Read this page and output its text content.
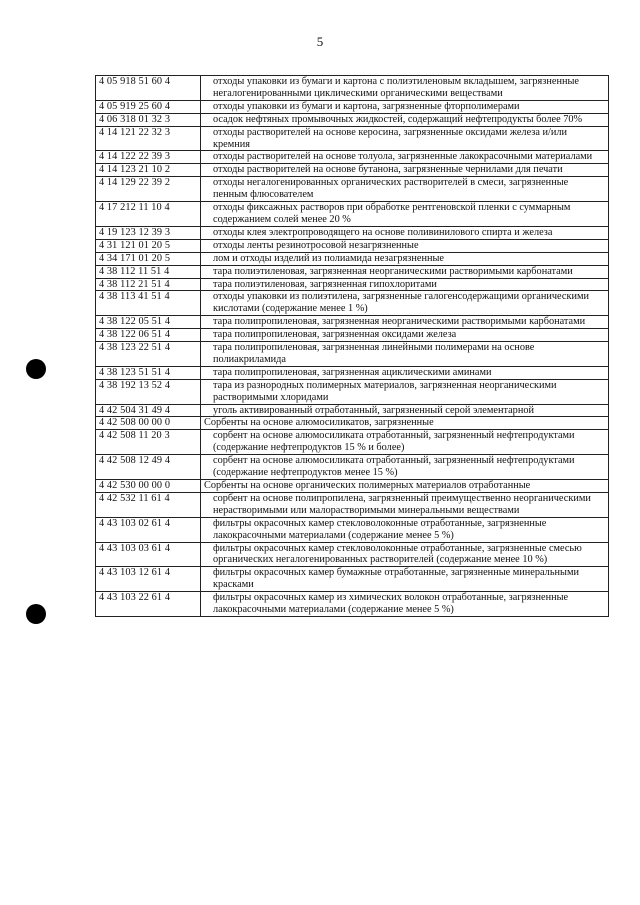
5
4 05 918 51 60 4	отходы упаковки из бумаги и картона с полиэтиленовым вкладышем, загрязненные негалогенированными циклическими органическими веществами
4 05 919 25 60 4	отходы упаковки из бумаги и картона, загрязненные фторполимерами
4 06 318 01 32 3	осадок нефтяных промывочных жидкостей, содержащий нефтепродукты более 70%
4 14 121 22 32 3	отходы растворителей на основе керосина, загрязненные оксидами железа и/или кремния
4 14 122 22 39 3	отходы растворителей на основе толуола, загрязненные лакокрасочными материалами
4 14 123 21 10 2	отходы растворителей на основе бутанона, загрязненные чернилами для печати
4 14 129 22 39 2	отходы негалогенированных органических растворителей в смеси, загрязненные пенным флюсователем
4 17 212 11 10 4	отходы фиксажных растворов при обработке рентгеновской пленки с суммарным содержанием солей менее 20 %
4 19 123 12 39 3	отходы клея электропроводящего на основе поливинилового спирта и железа
4 31 121 01 20 5	отходы ленты резинотросовой незагрязненные
4 34 171 01 20 5	лом и отходы изделий из полиамида незагрязненные
4 38 112 11 51 4	тара полиэтиленовая, загрязненная неорганическими растворимыми карбонатами
4 38 112 21 51 4	тара полиэтиленовая, загрязненная гипохлоритами
4 38 113 41 51 4	отходы упаковки из полиэтилена, загрязненные галогенсодержащими органическими кислотами (содержание менее 1 %)
4 38 122 05 51 4	тара полипропиленовая, загрязненная неорганическими растворимыми карбонатами
4 38 122 06 51 4	тара полипропиленовая, загрязненная оксидами железа
4 38 123 22 51 4	тара полипропиленовая, загрязненная линейными полимерами на основе полиакриламида
4 38 123 51 51 4	тара полипропиленовая, загрязненная ациклическими аминами
4 38 192 13 52 4	тара из разнородных полимерных материалов, загрязненная неорганическими растворимыми хлоридами
4 42 504 31 49 4	уголь активированный отработанный, загрязненный серой элементарной
4 42 508 00 00 0	Сорбенты на основе алюмосиликатов, загрязненные
4 42 508 11 20 3	сорбент на основе алюмосиликата отработанный, загрязненный нефтепродуктами (содержание нефтепродуктов 15 % и более)
4 42 508 12 49 4	сорбент на основе алюмосиликата отработанный, загрязненный нефтепродуктами (содержание нефтепродуктов менее 15 %)
4 42 530 00 00 0	Сорбенты на основе органических полимерных материалов отработанные
4 42 532 11 61 4	сорбент на основе полипропилена, загрязненный преимущественно неорганическими нерастворимыми или малорастворимыми минеральными веществами
4 43 103 02 61 4	фильтры окрасочных камер стекловолоконные отработанные, загрязненные лакокрасочными материалами (содержание менее 5 %)
4 43 103 03 61 4	фильтры окрасочных камер стекловолоконные отработанные, загрязненные смесью органических негалогенированных растворителей (содержание менее 10 %)
4 43 103 12 61 4	фильтры окрасочных камер бумажные отработанные, загрязненные минеральными красками
4 43 103 22 61 4	фильтры окрасочных камер из химических волокон отработанные, загрязненные лакокрасочными материалами (содержание менее 5 %)
